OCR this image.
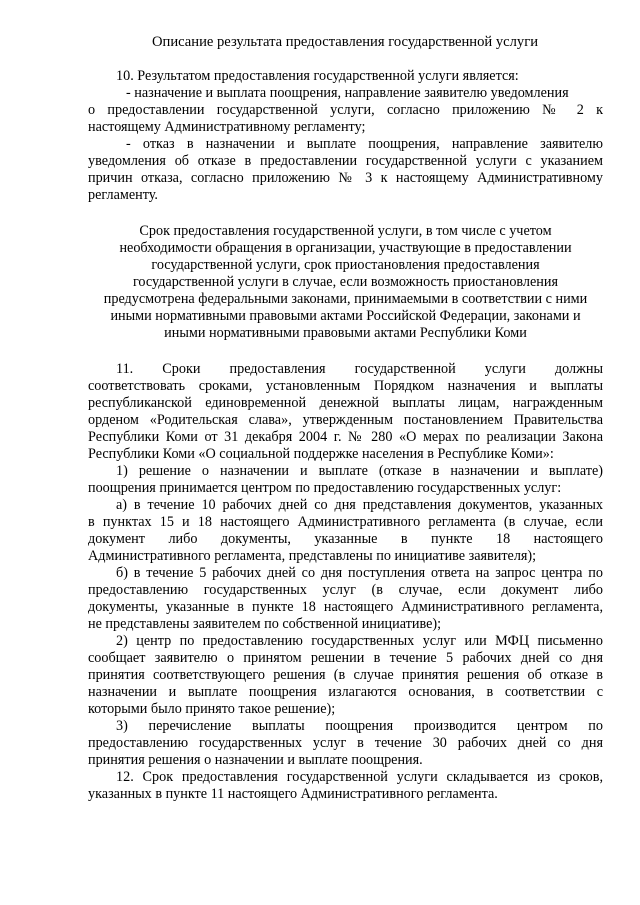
Описание результата предоставления государственной услуги
10. Результатом предоставления государственной услуги является:
- назначение и выплата поощрения, направление заявителю уведомления
о предоставлении государственной услуги, согласно приложению № 2 к
настоящему Административному регламенту;
- отказ в назначении и выплате поощрения, направление заявителю
уведомления об отказе в предоставлении государственной услуги с указанием
причин отказа, согласно приложению № 3 к настоящему Административному
регламенту.
Срок предоставления государственной услуги, в том числе с учетом
необходимости обращения в организации, участвующие в предоставлении
государственной услуги, срок приостановления предоставления
государственной услуги в случае, если возможность приостановления
предусмотрена федеральными законами, принимаемыми в соответствии с ними
иными нормативными правовыми актами Российской Федерации, законами и
иными нормативными правовыми актами Республики Коми
11. Сроки предоставления государственной услуги должны
соответствовать сроками, установленным Порядком назначения и выплаты
республиканской единовременной денежной выплаты лицам, награжденным
орденом «Родительская слава», утвержденным постановлением Правительства
Республики Коми от 31 декабря 2004 г. № 280 «О мерах по реализации Закона
Республики Коми «О социальной поддержке населения в Республике Коми»:
1) решение о назначении и выплате (отказе в назначении и выплате)
поощрения принимается центром по предоставлению государственных услуг:
а) в течение 10 рабочих дней со дня представления документов, указанных
в пунктах 15 и 18 настоящего Административного регламента (в случае, если
документ либо документы, указанные в пункте 18 настоящего
Административного регламента, представлены по инициативе заявителя);
б) в течение 5 рабочих дней со дня поступления ответа на запрос центра по
предоставлению государственных услуг (в случае, если документ либо
документы, указанные в пункте 18 настоящего Административного регламента,
не представлены заявителем по собственной инициативе);
2) центр по предоставлению государственных услуг или МФЦ письменно
сообщает заявителю о принятом решении в течение 5 рабочих дней со дня
принятия соответствующего решения (в случае принятия решения об отказе в
назначении и выплате поощрения излагаются основания, в соответствии с
которыми было принято такое решение);
3) перечисление выплаты поощрения производится центром по
предоставлению государственных услуг в течение 30 рабочих дней со дня
принятия решения о назначении и выплате поощрения.
12. Срок предоставления государственной услуги складывается из сроков,
указанных в пункте 11 настоящего Административного регламента.
